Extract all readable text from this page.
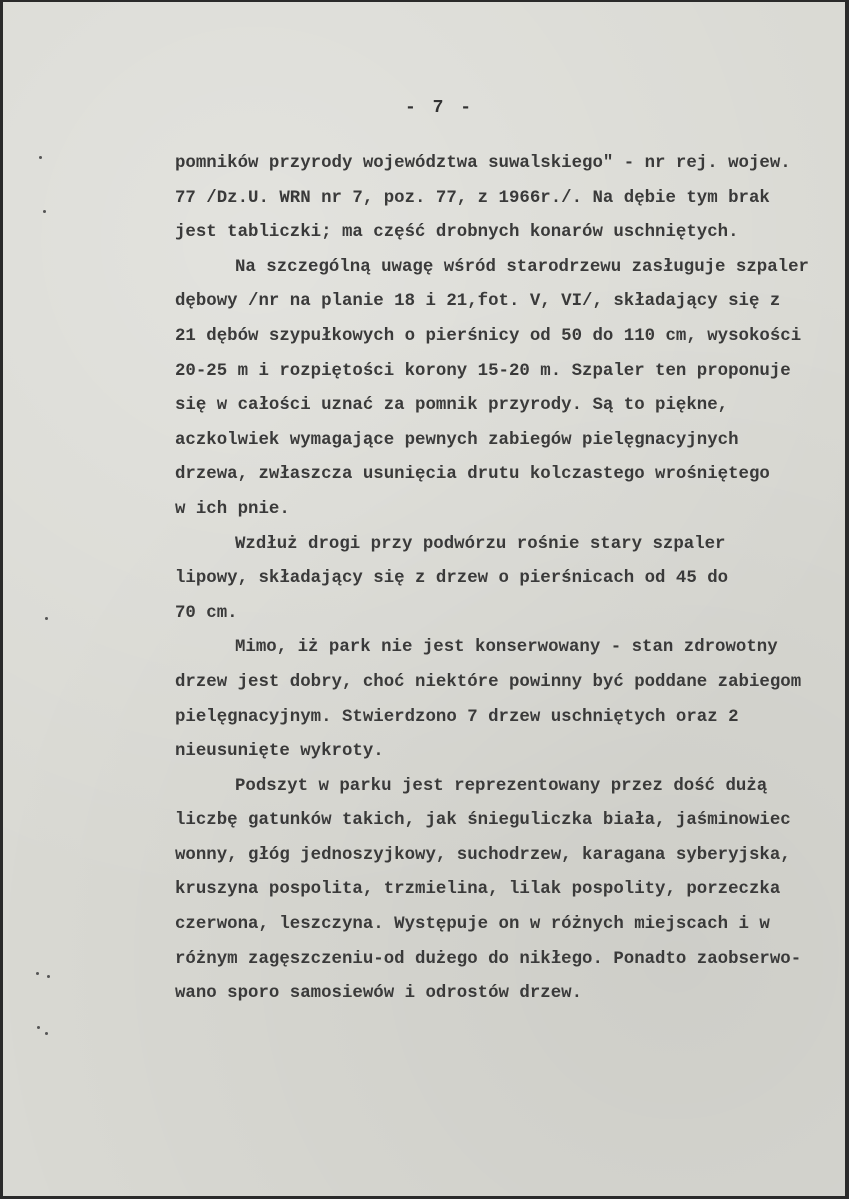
- 7 -
pomników przyrody województwa suwalskiego" - nr rej. wojew.
77 /Dz.U. WRN nr 7, poz. 77, z 1966r./. Na dębie tym brak
jest tabliczki; ma część drobnych konarów uschniętych.
Na szczególną uwagę wśród starodrzewu zasługuje szpaler
dębowy /nr na planie 18 i 21,fot. V, VI/, składający się z
21 dębów szypułkowych o pierśnicy od 50 do 110 cm, wysokości
20-25 m i rozpiętości korony 15-20 m. Szpaler ten proponuje
się w całości uznać za pomnik przyrody. Są to piękne,
aczkolwiek wymagające pewnych zabiegów pielęgnacyjnych
drzewa, zwłaszcza usunięcia drutu kolczastego wrośniętego
w ich pnie.
Wzdłuż drogi przy podwórzu rośnie stary szpaler
lipowy, składający się z drzew o pierśnicach od 45 do
70 cm.
Mimo, iż park nie jest konserwowany - stan zdrowotny
drzew jest dobry, choć niektóre powinny być poddane zabiegom
pielęgnacyjnym. Stwierdzono 7 drzew uschniętych oraz 2
nieusunięte wykroty.
Podszyt w parku jest reprezentowany przez dość dużą
liczbę gatunków takich, jak śnieguliczka biała, jaśminowiec
wonny, głóg jednoszyjkowy, suchodrzew, karagana syberyjska,
kruszyna pospolita, trzmielina, lilak pospolity, porzeczka
czerwona, leszczyna. Występuje on w różnych miejscach i w
różnym zagęszczeniu-od dużego do nikłego. Ponadto zaobserwo-
wano sporo samosiewów i odrostów drzew.
